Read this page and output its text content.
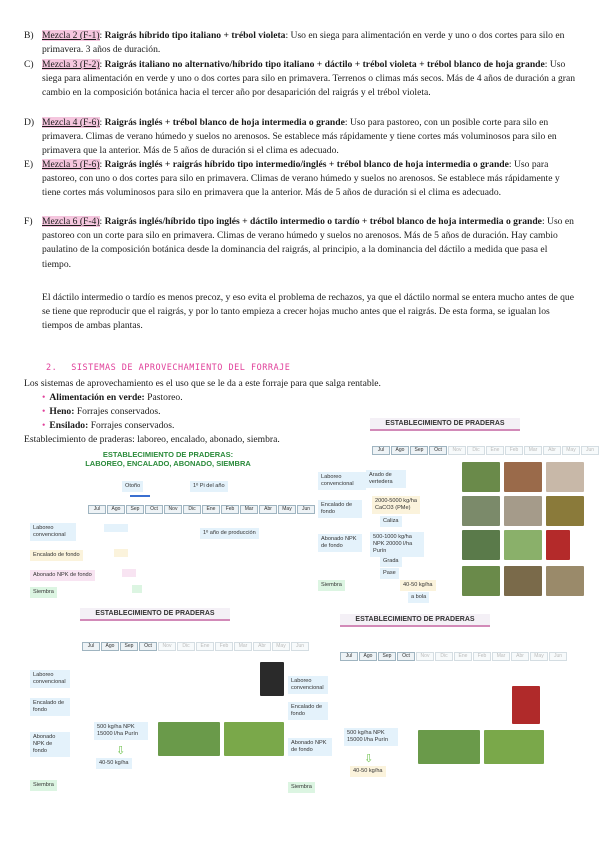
B) Mezcla 2 (F-1): Raigrás híbrido tipo italiano + trébol violeta: Uso en siega para alimentación en verde y uno o dos cortes para silo en primavera. 3 años de duración.
C) Mezcla 3 (F-2): Raigrás italiano no alternativo/híbrido tipo italiano + dáctilo + trébol violeta + trébol blanco de hoja grande: Uso siega para alimentación en verde y uno o dos cortes para silo en primavera. Terrenos o climas más secos. Más de 4 años de duración a gran cambio en la composición botánica hacia el tercer año por desaparición del raigrás y el trébol violeta.
D) Mezcla 4 (F-6): Raigrás inglés + trébol blanco de hoja intermedia o grande: Uso para pastoreo, con un posible corte para silo en primavera. Climas de verano húmedo y suelos no arenosos. Se establece más rápidamente y tiene cortes más voluminosos para silo en primavera que la anterior. Más de 5 años de duración si el clima es adecuado.
E) Mezcla 5 (F-6): Raigrás inglés + raigrás híbrido tipo intermedio/inglés + trébol blanco de hoja intermedia o grande: Uso para pastoreo, con uno o dos cortes para silo en primavera. Climas de verano húmedo y suelos no arenosos. Se establece más rápidamente y tiene cortes más voluminosos para silo en primavera que la anterior. Más de 5 años de duración si el clima es adecuado.
F) Mezcla 6 (F-4): Raigrás inglés/híbrido tipo inglés + dáctilo intermedio o tardío + trébol blanco de hoja intermedia o grande: Uso en pastoreo con un corte para silo en primavera. Climas de verano húmedo y suelos no arenosos. Más de 5 años de duración. Hay cambio paulatino de la composición botánica desde la dominancia del raigrás, al principio, a la dominancia del dáctilo a medida que pasa el tiempo.
El dáctilo intermedio o tardío es menos precoz, y eso evita el problema de rechazos, ya que el dáctilo normal se entera mucho antes de que se tiene que reproducir que el raigrás, y por lo tanto empieza a crecer hojas mucho antes que el raigrás. De esta forma, se igualan los tiempos de ambas plantas.
2. SISTEMAS DE APROVECHAMIENTO DEL FORRAJE
Los sistemas de aprovechamiento es el uso que se le da a este forraje para que salga rentable.
• Alimentación en verde: Pastoreo.
• Heno: Forrajes conservados.
• Ensilado: Forrajes conservados.
Establecimiento de praderas: laboreo, encalado, abonado, siembra.
ESTABLECIMIENTO DE PRADERAS:
LABOREO, ENCALADO, ABONADO, SIEMBRA
Otoño	1º Pi del año
Jul	Ago	Sep	Oct	Nov	Dic	Ene	Feb	Mar	Abr	May	Jun
1º año de producción
Laboreo convencional
Encalado de fondo
Abonado NPK de fondo
Siembra
ESTABLECIMIENTO DE PRADERAS
Jul	Ago	Sep	Oct	Nov	Dic	Ene	Feb	Mar	Abr	May	Jun
Laboreo convencional
Encalado de fondo
Abonado NPK de fondo
Siembra
Arado de vertedera
2000-5000 kg/ha CaCO3 (PMe)
Caliza
500-1000 kg/ha NPK 20000 l/ha Purín
Grada
Pase
40-50 kg/ha
a bola
ESTABLECIMIENTO DE PRADERAS
Jul	Ago	Sep	Oct	Nov	Dic	Ene	Feb	Mar	Abr	May	Jun
Laboreo convencional
Encalado de fondo
Abonado NPK de fondo
Siembra
500 kg/ha NPK 15000 l/ha Purín
⇩
40-50 kg/ha
ESTABLECIMIENTO DE PRADERAS
Jul	Ago	Sep	Oct	Nov	Dic	Ene	Feb	Mar	Abr	May	Jun
Laboreo convencional
Encalado de fondo
Abonado NPK de fondo
Siembra
500 kg/ha NPK 15000 l/ha Purín
⇩
40-50 kg/ha
